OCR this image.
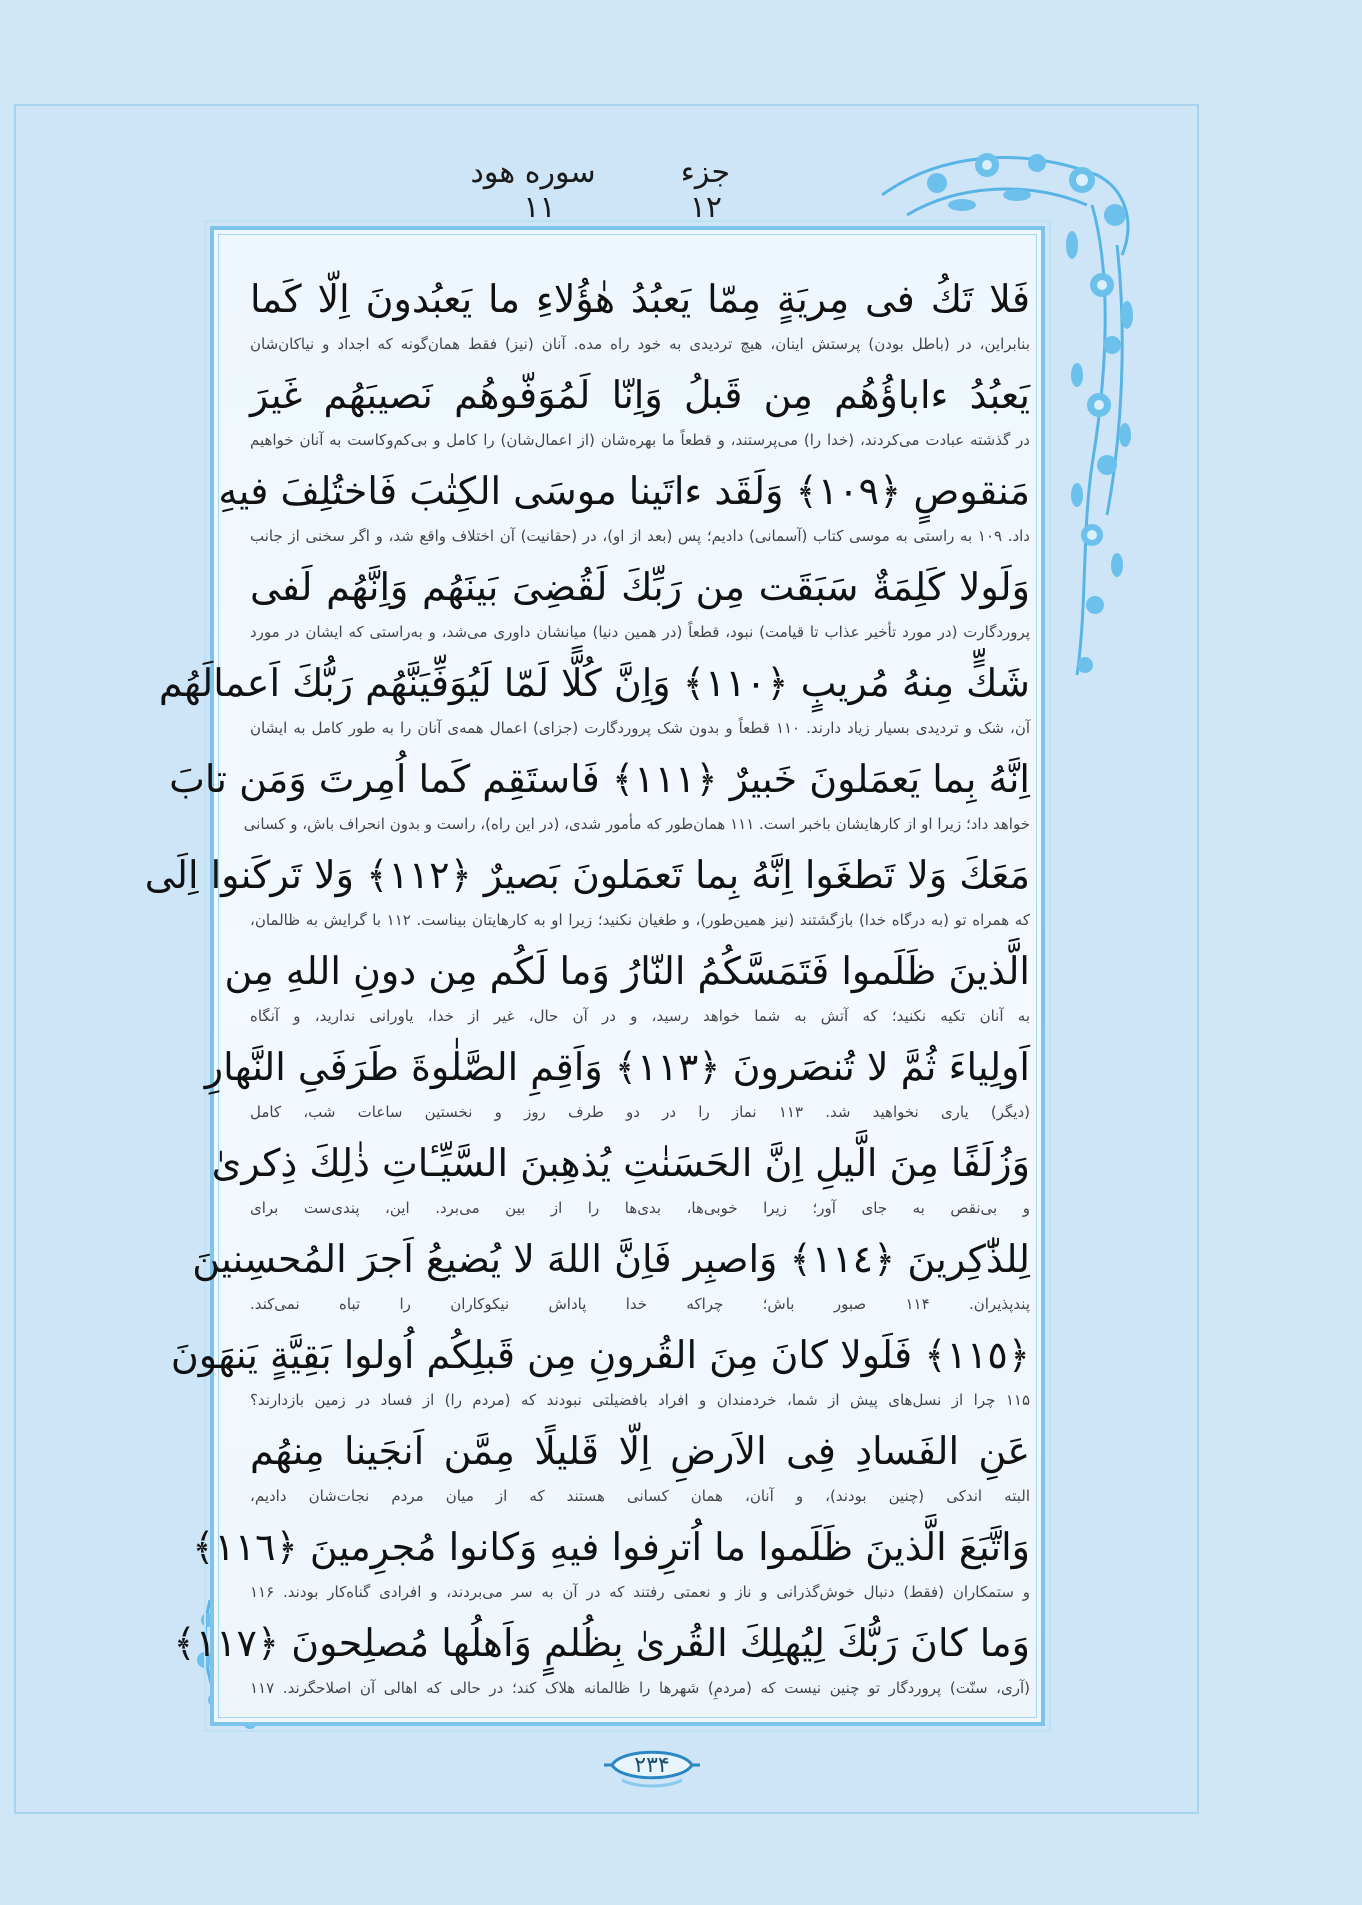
جزء ۱۲
سوره هود ۱۱
فَلا تَكُ فى مِريَةٍ مِمّا يَعبُدُ هٰؤُلاءِ ما يَعبُدونَ اِلّا كَما
بنابراین، در (باطل بودن) پرستش اینان، هیچ تردیدی به خود راه مده. آنان (نیز) فقط همان‌گونه که اجداد و نیاکان‌شان
يَعبُدُ ءاباؤُهُم مِن قَبلُ وَاِنّا لَمُوَفّوهُم نَصيبَهُم غَيرَ
در گذشته عبادت می‌کردند، (خدا را) می‌پرستند، و قطعاً ما بهره‌شان (از اعمال‌شان) را کامل و بی‌کم‌وکاست به آنان خواهیم
مَنقوصٍ ﴿١٠٩﴾ وَلَقَد ءاتَينا موسَى الكِتٰبَ فَاختُلِفَ فيهِ
داد. ۱۰۹ به راستی به موسی کتاب (آسمانی) دادیم؛ پس (بعد از او)، در (حقانیت) آن اختلاف واقع شد، و اگر سخنی از جانب
وَلَولا كَلِمَةٌ سَبَقَت مِن رَبِّكَ لَقُضِىَ بَينَهُم وَاِنَّهُم لَفى
پروردگارت (در مورد تأخیر عذاب تا قیامت) نبود، قطعاً (در همین دنیا) میانشان داوری می‌شد، و به‌راستی که ایشان در مورد
شَكٍّ مِنهُ مُريبٍ ﴿١١٠﴾ وَاِنَّ كُلًّا لَمّا لَيُوَفِّيَنَّهُم رَبُّكَ اَعمالَهُم
آن، شک و تردیدی بسیار زیاد دارند. ۱۱۰ قطعاً و بدون شک پروردگارت (جزای) اعمال همه‌ی آنان را به طور کامل به ایشان
اِنَّهُ بِما يَعمَلونَ خَبيرٌ ﴿١١١﴾ فَاستَقِم كَما اُمِرتَ وَمَن تابَ
خواهد داد؛ زیرا او از کارهایشان باخبر است. ۱۱۱ همان‌طور که مأمور شدی، (در این راه)، راست و بدون انحراف باش، و کسانی
مَعَكَ وَلا تَطغَوا اِنَّهُ بِما تَعمَلونَ بَصيرٌ ﴿١١٢﴾ وَلا تَركَنوا اِلَى
که همراه تو (به درگاه خدا) بازگشتند (نیز همین‌طور)، و طغیان نکنید؛ زیرا او به کارهایتان بیناست. ۱۱۲ با گرایش به ظالمان،
الَّذينَ ظَلَموا فَتَمَسَّكُمُ النّارُ وَما لَكُم مِن دونِ اللهِ مِن
به آنان تکیه نکنید؛ که آتش به شما خواهد رسید، و در آن حال، غیر از خدا، یاورانی ندارید، و آنگاه
اَولِياءَ ثُمَّ لا تُنصَرونَ ﴿١١٣﴾ وَاَقِمِ الصَّلٰوةَ طَرَفَىِ النَّهارِ
(دیگر) یاری نخواهید شد. ۱۱۳ نماز را در دو طرف روز و نخستین ساعات شب، کامل
وَزُلَفًا مِنَ الَّيلِ اِنَّ الحَسَنٰتِ يُذهِبنَ السَّيِّـٔاتِ ذٰلِكَ ذِكرىٰ
و بی‌نقص به جای آور؛ زیرا خوبی‌ها، بدی‌ها را از بین می‌برد. این، پندی‌ست برای
لِلذّٰكِرينَ ﴿١١٤﴾ وَاصبِر فَاِنَّ اللهَ لا يُضيعُ اَجرَ المُحسِنينَ
پندپذیران. ۱۱۴ صبور باش؛ چراکه خدا پاداش نیکوکاران را تباه نمی‌کند.
﴿١١٥﴾ فَلَولا كانَ مِنَ القُرونِ مِن قَبلِكُم اُولوا بَقِيَّةٍ يَنهَونَ
۱۱۵ چرا از نسل‌های پیش از شما، خردمندان و افراد بافضیلتی نبودند که (مردم را) از فساد در زمین بازدارند؟
عَنِ الفَسادِ فِى الاَرضِ اِلّا قَليلًا مِمَّن اَنجَينا مِنهُم
البته اندکی (چنین بودند)، و آنان، همان کسانی هستند که از میان مردم نجات‌شان دادیم،
وَاتَّبَعَ الَّذينَ ظَلَموا ما اُترِفوا فيهِ وَكانوا مُجرِمينَ ﴿١١٦﴾
و ستمکاران (فقط) دنبال خوش‌گذرانی و ناز و نعمتی رفتند که در آن به سر می‌بردند، و افرادی گناه‌کار بودند. ۱۱۶
وَما كانَ رَبُّكَ لِيُهلِكَ القُرىٰ بِظُلمٍ وَاَهلُها مُصلِحونَ ﴿١١٧﴾
(آری، سنّت) پروردگار تو چنین نیست که (مردمِ) شهرها را ظالمانه هلاک کند؛ در حالی که اهالی آن اصلاحگرند. ۱۱۷
۲۳۴
